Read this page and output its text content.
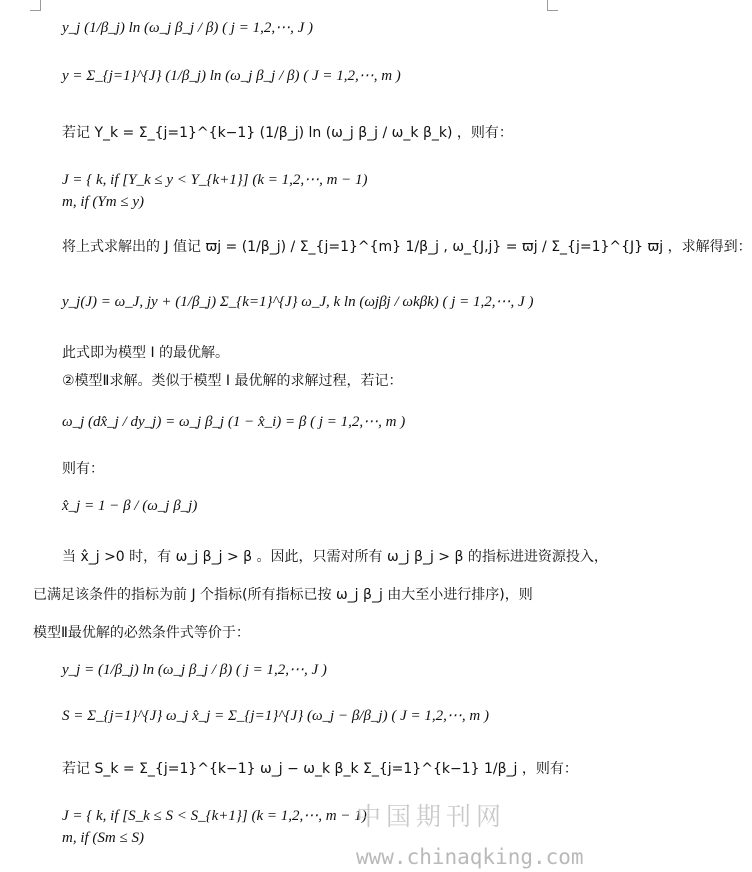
y_j (1/β_j) ln (ω_j β_j / β) ( j = 1,2,⋯, J )
y = Σ_{j=1}^{J} (1/β_j) ln (ω_j β_j / β) ( J = 1,2,⋯, m )
若记 Y_k = Σ_{j=1}^{k−1} (1/β_j) ln (ω_j β_j / ω_k β_k) ，则有：
J = { k, if [Y_k ≤ y < Y_{k+1}] (k = 1,2,⋯, m − 1)
m, if (Ym ≤ y)
将上式求解出的 J 值记 ϖj = (1/β_j) / Σ_{j=1}^{m} 1/β_j , ω_{J,j} = ϖj / Σ_{j=1}^{J} ϖj ，求解得到：
y_j(J) = ω_J, jy + (1/β_j) Σ_{k=1}^{J} ω_J, k ln (ωjβj / ωkβk) ( j = 1,2,⋯, J )
此式即为模型 I 的最优解。
②模型Ⅱ求解。类似于模型 I 最优解的求解过程，若记：
ω_j (dx̂_j / dy_j) = ω_j β_j (1 − x̂_i) = β ( j = 1,2,⋯, m )
则有：
x̂_j = 1 − β / (ω_j β_j)
当 x̂_j >0 时，有 ω_j β_j > β 。因此，只需对所有 ω_j β_j > β 的指标进进资源投入，
已满足该条件的指标为前 J 个指标(所有指标已按 ω_j β_j 由大至小进行排序)，则
模型Ⅱ最优解的必然条件式等价于：
y_j = (1/β_j) ln (ω_j β_j / β) ( j = 1,2,⋯, J )
S = Σ_{j=1}^{J} ω_j x̂_j = Σ_{j=1}^{J} (ω_j − β/β_j) ( J = 1,2,⋯, m )
若记 S_k = Σ_{j=1}^{k−1} ω_j − ω_k β_k Σ_{j=1}^{k−1} 1/β_j ，则有：
J = { k, if [S_k ≤ S < S_{k+1}] (k = 1,2,⋯, m − 1)
m, if (Sm ≤ S)
中国期刊网
www.chinaqking.com
